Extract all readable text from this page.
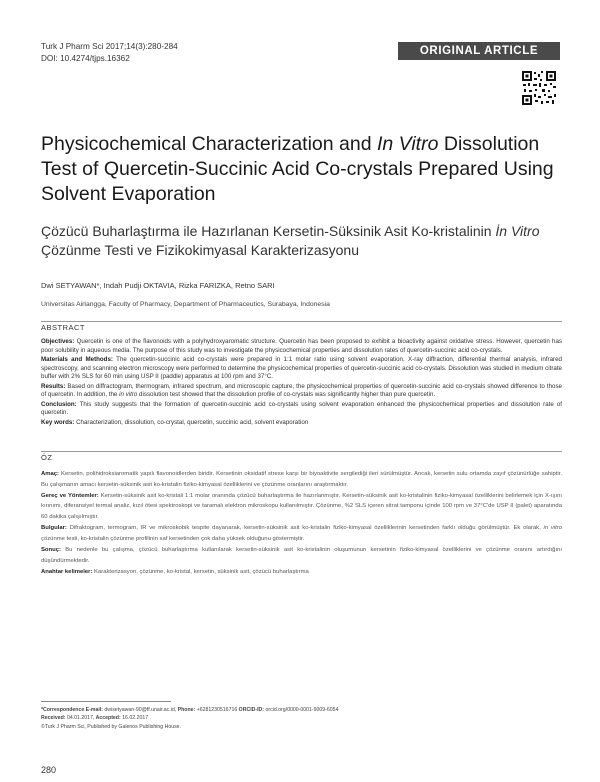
Turk J Pharm Sci 2017;14(3):280-284
DOI: 10.4274/tjps.16362
ORIGINAL ARTICLE
Physicochemical Characterization and In Vitro Dissolution Test of Quercetin-Succinic Acid Co-crystals Prepared Using Solvent Evaporation
Çözücü Buharlaştırma ile Hazırlanan Kersetin-Süksinik Asit Ko-kristalinin İn Vitro Çözünme Testi ve Fizikokimyasal Karakterizasyonu
Dwi SETYAWAN*, Indah Pudji OKTAVIA, Rizka FARIZKA, Retno SARI
Universitas Airlangga, Faculty of Pharmacy, Department of Pharmaceutics, Surabaya, Indonesia
ABSTRACT

Objectives: Quercetin is one of the flavonoids with a polyhydroxyaromatic structure. Quercetin has been proposed to exhibit a bioactivity against oxidative stress. However, quercetin has poor solubility in aqueous media. The purpose of this study was to investigate the physicochemical properties and dissolution rates of quercetin-succinic acid co-crystals.

Materials and Methods: The quercetin-succinic acid co-crystals were prepared in 1:1 molar ratio using solvent evaporation. X-ray diffraction, differential thermal analysis, infrared spectroscopy, and scanning electron microscopy were performed to determine the physicochemical properties of quercetin-succinic acid co-crystals. Dissolution was studied in medium citrate buffer with 2% SLS for 60 min using USP II (paddle) apparatus at 100 rpm and 37°C.

Results: Based on diffractogram, thermogram, infrared spectrum, and microscopic capture, the physicochemical properties of quercetin-succinic acid co-crystals showed difference to those of quercetin. In addition, the in vitro dissolution test showed that the dissolution profile of co-crystals was significantly higher than pure quercetin.

Conclusion: This study suggests that the formation of quercetin-succinic acid co-crystals using solvent evaporation enhanced the physicochemical properties and dissolution rate of quercetin.

Key words: Characterization, dissolution, co-crystal, quercetin, succinic acid, solvent evaporation

ÖZ

Amaç: Kersetin, polihidroksiaromatik yapılı flavonoidlerden biridir. Kersetinin oksidatif strese karşı bir biyoaktivite sergilediği ileri sürülmüştür. Ancak, kersetin sulu ortamda zayıf çözünürlüğe sahiptir. Bu çalışmanın amacı kersetin-süksinik asit ko-kristalin fiziko-kimyasal özelliklerini ve çözünme oranlarını araştırmaktır.

Gereç ve Yöntemler: Kersetin-süksinik asit ko-kristali 1:1 molar oranında çözücü buharlaştırma ile hazırlanmıştır. Kersetin-süksinik asit ko-kristalinin fiziko-kimyasal özelliklerini belirlemek için X-ışını kırınımı, diferansiyel termal analiz, kızıl ötesi spektroskopi ve taramalı elektron mikroskopu kullanılmıştır. Çözünme, %2 SLS içeren sitrat tamponu içinde 100 rpm ve 37°C'de USP II (palet) aparatında 60 dakika çalışılmıştır.

Bulgular: Difraktogram, termogram, IR ve mikroskobik tespite dayanarak, kersetin-süksinik asit ko-kristalin fiziko-kimyasal özelliklerinin kersetinden farklı olduğu görülmüştür. Ek olarak, in vitro çözünme testi, ko-kristalin çözünme profilinin saf kersetinden çok daha yüksek olduğunu göstermiştir.

Sonuç: Bu nedenle bu çalışma, çözücü buharlaştırma kullanılarak kersetin-süksinik asit ko-kristalinin oluşumunun kersetinin fiziko-kimyasal özelliklerini ve çözünme oranını artırdığını düşündürmektedir.

Anahtar kelimeler: Karakterizasyon, çözünme, ko-kristal, kersetin, süksinik asit, çözücü buharlaştırma

*Correspondence E-mail: dwisetyawan-90@ff.unair.ac.id, Phone: +6281230516716 ORCID-ID: orcid.org/0000-0001-9009-6054
Received: 04.01.2017, Accepted: 16.02.2017
©Turk J Pharm Sci, Published by Galenos Publishing House.
280
